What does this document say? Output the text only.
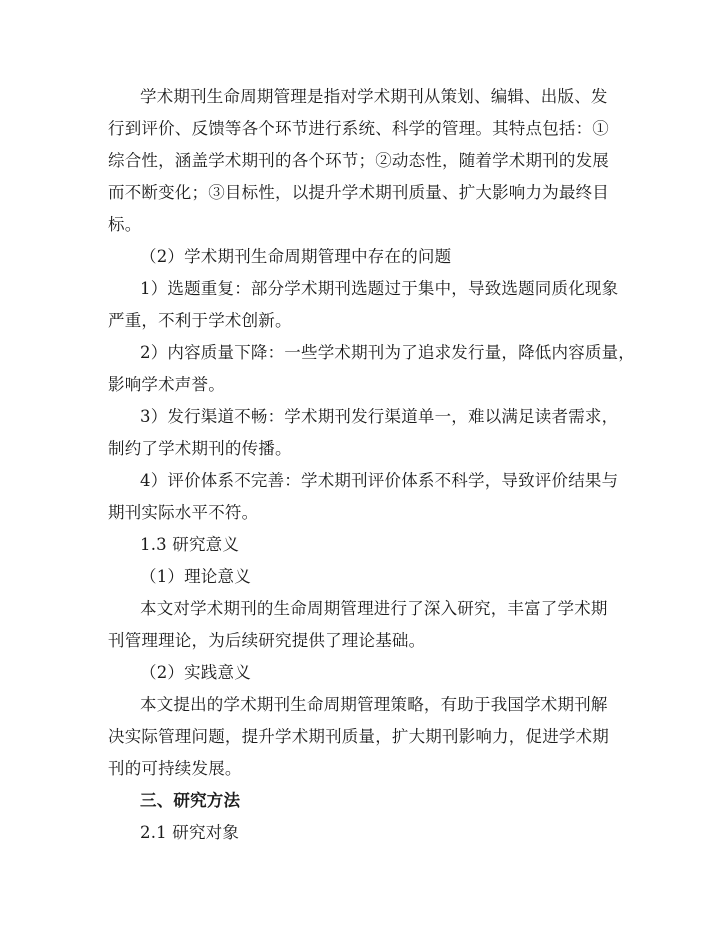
学术期刊生命周期管理是指对学术期刊从策划、编辑、出版、发
行到评价、反馈等各个环节进行系统、科学的管理。其特点包括：①
综合性，涵盖学术期刊的各个环节；②动态性，随着学术期刊的发展
而不断变化；③目标性，以提升学术期刊质量、扩大影响力为最终目
标。
（2）学术期刊生命周期管理中存在的问题
1）选题重复：部分学术期刊选题过于集中，导致选题同质化现象
严重，不利于学术创新。
2）内容质量下降：一些学术期刊为了追求发行量，降低内容质量，
影响学术声誉。
3）发行渠道不畅：学术期刊发行渠道单一，难以满足读者需求，
制约了学术期刊的传播。
4）评价体系不完善：学术期刊评价体系不科学，导致评价结果与
期刊实际水平不符。
1.3 研究意义
（1）理论意义
本文对学术期刊的生命周期管理进行了深入研究，丰富了学术期
刊管理理论，为后续研究提供了理论基础。
（2）实践意义
本文提出的学术期刊生命周期管理策略，有助于我国学术期刊解
决实际管理问题，提升学术期刊质量，扩大期刊影响力，促进学术期
刊的可持续发展。
三、研究方法
2.1 研究对象
